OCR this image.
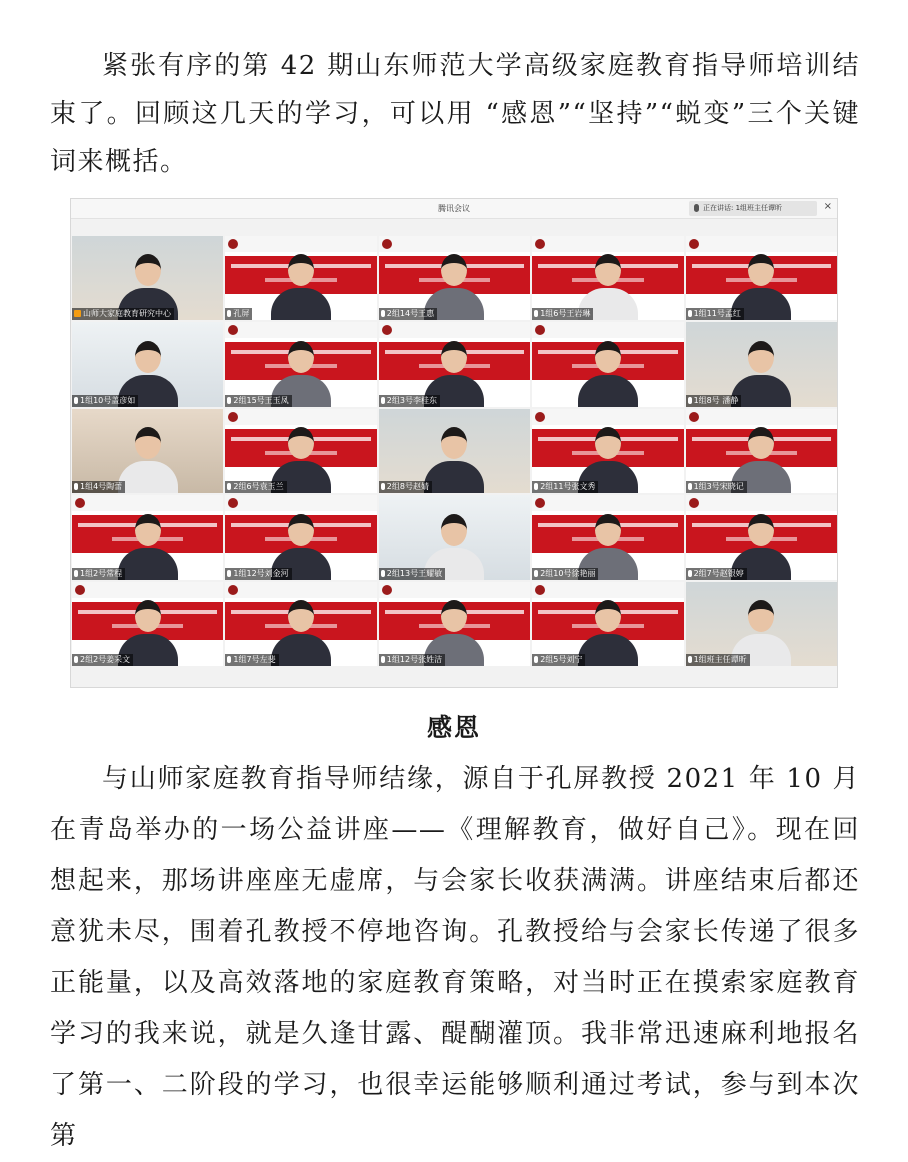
紧张有序的第 42 期山东师范大学高级家庭教育指导师培训结束了。回顾这几天的学习，可以用 “感恩”“坚持”“蜕变”三个关键词来概括。

腾讯会议	正在讲话: 1组班主任谭昕	×
山师大家庭教育研究中心	孔屏	2组14号王惠	1组6号王岩琳	1组11号孟红
1组10号盖彦如	2组15号王玉凤	2组3号李桂东	1组8号 潘静
1组4号陶蕾	2组6号袁玉兰	2组8号赵婧	2组11号张文秀	1组3号宋晓记
1组2号常程	1组12号刘金河	2组13号王耀敏	2组10号徐艳丽	2组7号赵银婷
2组2号姜采文	1组7号左斐	1组12号张姓洁	2组5号刘宁	1组班主任谭昕
感恩

与山师家庭教育指导师结缘，源自于孔屏教授 2021 年 10 月在青岛举办的一场公益讲座——《理解教育，做好自己》。现在回想起来，那场讲座座无虚席，与会家长收获满满。讲座结束后都还意犹未尽，围着孔教授不停地咨询。孔教授给与会家长传递了很多正能量，以及高效落地的家庭教育策略，对当时正在摸索家庭教育学习的我来说，就是久逢甘露、醍醐灌顶。我非常迅速麻利地报名了第一、二阶段的学习，也很幸运能够顺利通过考试，参与到本次第
